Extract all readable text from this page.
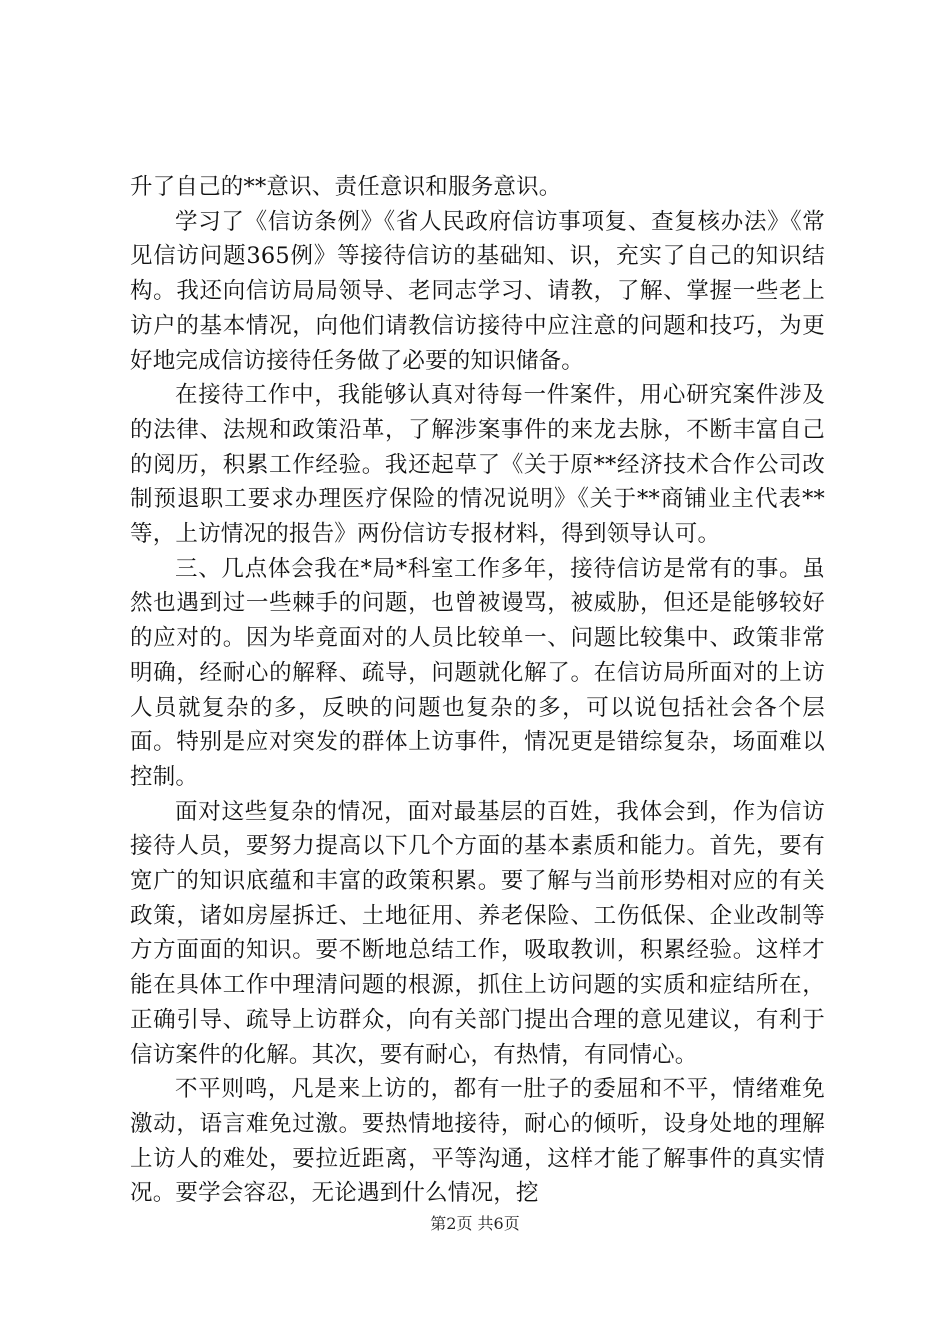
升了自己的**意识、责任意识和服务意识。

学习了《信访条例》《省人民政府信访事项复、查复核办法》《常见信访问题365例》等接待信访的基础知、识，充实了自己的知识结构。我还向信访局局领导、老同志学习、请教，了解、掌握一些老上访户的基本情况，向他们请教信访接待中应注意的问题和技巧，为更好地完成信访接待任务做了必要的知识储备。

在接待工作中，我能够认真对待每一件案件，用心研究案件涉及的法律、法规和政策沿革，了解涉案事件的来龙去脉，不断丰富自己的阅历，积累工作经验。我还起草了《关于原**经济技术合作公司改制预退职工要求办理医疗保险的情况说明》《关于**商铺业主代表**等，上访情况的报告》两份信访专报材料，得到领导认可。

三、几点体会我在*局*科室工作多年，接待信访是常有的事。虽然也遇到过一些棘手的问题，也曾被谩骂，被威胁，但还是能够较好的应对的。因为毕竟面对的人员比较单一、问题比较集中、政策非常明确，经耐心的解释、疏导，问题就化解了。在信访局所面对的上访人员就复杂的多，反映的问题也复杂的多，可以说包括社会各个层面。特别是应对突发的群体上访事件，情况更是错综复杂，场面难以控制。

面对这些复杂的情况，面对最基层的百姓，我体会到，作为信访接待人员，要努力提高以下几个方面的基本素质和能力。首先，要有宽广的知识底蕴和丰富的政策积累。要了解与当前形势相对应的有关政策，诸如房屋拆迁、土地征用、养老保险、工伤低保、企业改制等方方面面的知识。要不断地总结工作，吸取教训，积累经验。这样才能在具体工作中理清问题的根源，抓住上访问题的实质和症结所在，正确引导、疏导上访群众，向有关部门提出合理的意见建议，有利于信访案件的化解。其次，要有耐心，有热情，有同情心。

不平则鸣，凡是来上访的，都有一肚子的委屈和不平，情绪难免激动，语言难免过激。要热情地接待，耐心的倾听，设身处地的理解上访人的难处，要拉近距离，平等沟通，这样才能了解事件的真实情况。要学会容忍，无论遇到什么情况，挖

第2页 共6页
